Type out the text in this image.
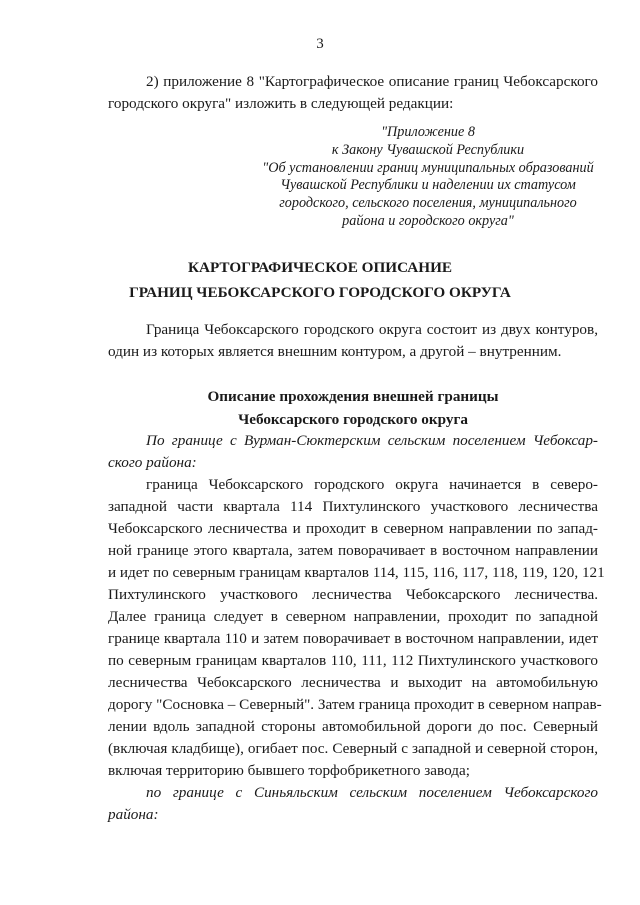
3
2) приложение 8 "Картографическое описание границ Чебоксарского
городского округа" изложить в следующей редакции:
"Приложение 8
к Закону Чувашской Республики
"Об установлении границ муниципальных образований
Чувашской Республики и наделении их статусом
городского, сельского поселения, муниципального
района и городского округа"
КАРТОГРАФИЧЕСКОЕ ОПИСАНИЕ
ГРАНИЦ ЧЕБОКСАРСКОГО ГОРОДСКОГО ОКРУГА
Граница Чебоксарского городского округа состоит из двух контуров,
один из которых является внешним контуром, а другой – внутренним.
Описание прохождения внешней границы
Чебоксарского городского округа
По границе с Вурман-Сюктерским сельским поселением Чебоксар-
ского района:
граница Чебоксарского городского округа начинается в северо-
западной части квартала 114 Пихтулинского участкового лесничества
Чебоксарского лесничества и проходит в северном направлении по запад-
ной границе этого квартала, затем поворачивает в восточном направлении
и идет по северным границам кварталов 114, 115, 116, 117, 118, 119, 120, 121
Пихтулинского участкового лесничества Чебоксарского лесничества.
Далее граница следует в северном направлении, проходит по западной
границе квартала 110 и затем поворачивает в восточном направлении, идет
по северным границам кварталов 110, 111, 112 Пихтулинского участкового
лесничества Чебоксарского лесничества и выходит на автомобильную
дорогу "Сосновка – Северный". Затем граница проходит в северном направ-
лении вдоль западной стороны автомобильной дороги до пос. Северный
(включая кладбище), огибает пос. Северный с западной и северной сторон,
включая территорию бывшего торфобрикетного завода;
по границе с Синьяльским сельским поселением Чебоксарского
района:
